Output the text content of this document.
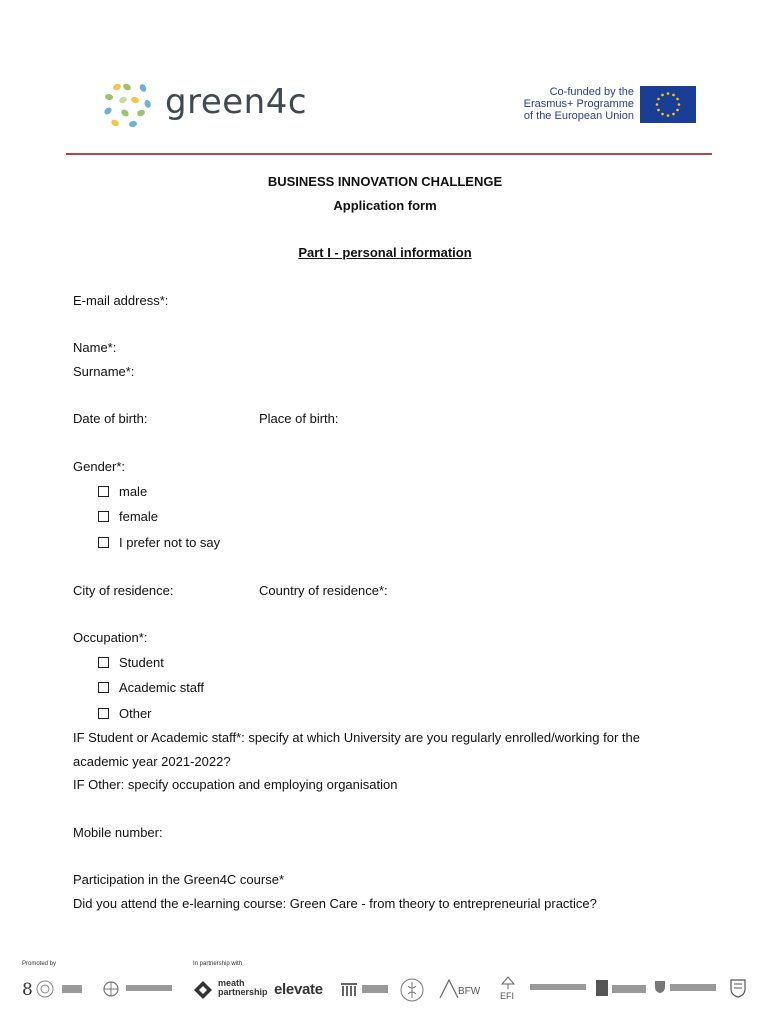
green4c	Co-funded by the
Erasmus+ Programme
of the European Union
BUSINESS INNOVATION CHALLENGE
Application form
Part I - personal information
E-mail address*:
Name*:
Surname*:
Date of birth:	Place of birth:
Gender*:
male
female
I prefer not to say
City of residence:	Country of residence*:
Occupation*:
Student
Academic staff
Other
IF Student or Academic staff*: specify at which University are you regularly enrolled/working for the
academic year 2021-2022?
IF Other: specify occupation and employing organisation
Mobile number:
Participation in the Green4C course*
Did you attend the e-learning course: Green Care - from theory to entrepreneurial practice?
Promoted by	In partnership with
8	meath partnership elevate	BFW EFI
